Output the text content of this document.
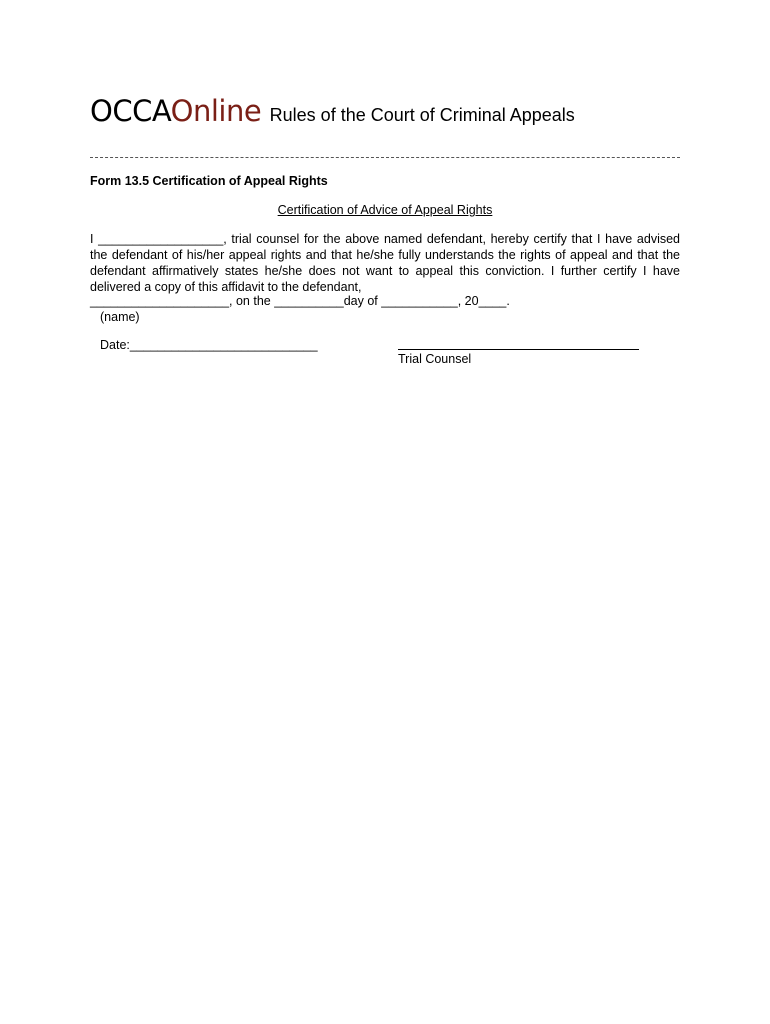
OCCAOnline Rules of the Court of Criminal Appeals
Form 13.5 Certification of Appeal Rights
Certification of Advice of Appeal Rights
I __________________, trial counsel for the above named defendant, hereby certify that I have advised the defendant of his/her appeal rights and that he/she fully understands the rights of appeal and that the defendant affirmatively states he/she does not want to appeal this conviction. I further certify I have delivered a copy of this affidavit to the defendant,
____________________, on the __________day of ___________, 20____.
(name)
Date:___________________________
Trial Counsel
